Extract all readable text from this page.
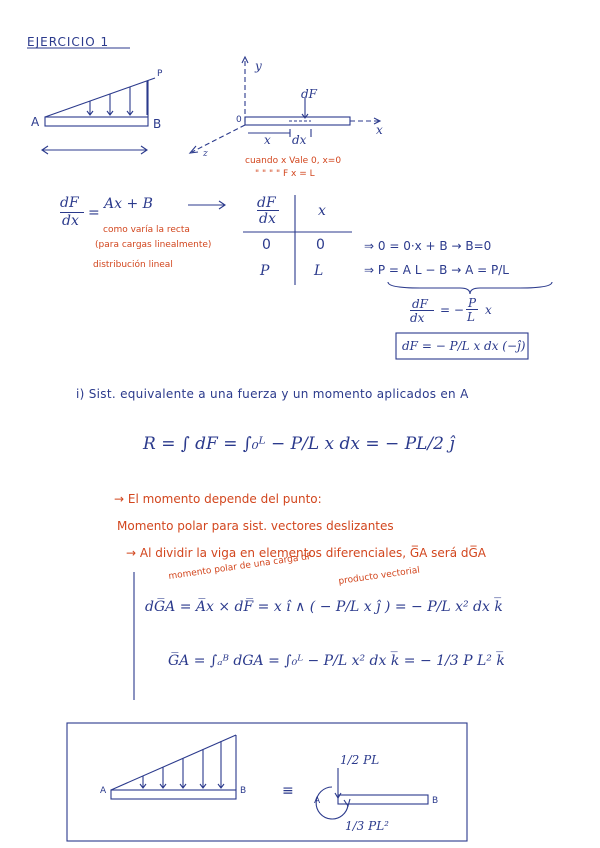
EJERCICIO 1
P
A	B
y
x
z
0
dF
x dx
cuando x Vale 0, x=0
" " " " F x = L
dF
dx =
Ax + B
como varía la recta
(para cargas linealmente)
distribución lineal
dF
dx	x
0	0	⇒ 0 = 0·x + B → B=0
P	L	⇒ P = A L − B → A = P/L
dF
dx
= − P
L x
dF = − P/L x dx (−ĵ)
i) Sist. equivalente a una fuerza y un momento aplicados en A
R = ∫ dF = ∫₀ᴸ − P/L x dx = − PL/2 ĵ
→ El momento depende del punto:
Momento polar para sist. vectores deslizantes
→ Al dividir la viga en elementos diferenciales, G̅A será dG̅A
momento polar de una carga dF	producto vectorial
dG̅A = A̅x × dF̅ = x î ∧ ( − P/L x ĵ ) = − P/L x² dx k̅
G̅A = ∫ₐᴮ dGA = ∫₀ᴸ − P/L x² dx k̅ = − 1/3 P L² k̅
A	B	≡
1/2 PL
A	B
1/3 PL²
